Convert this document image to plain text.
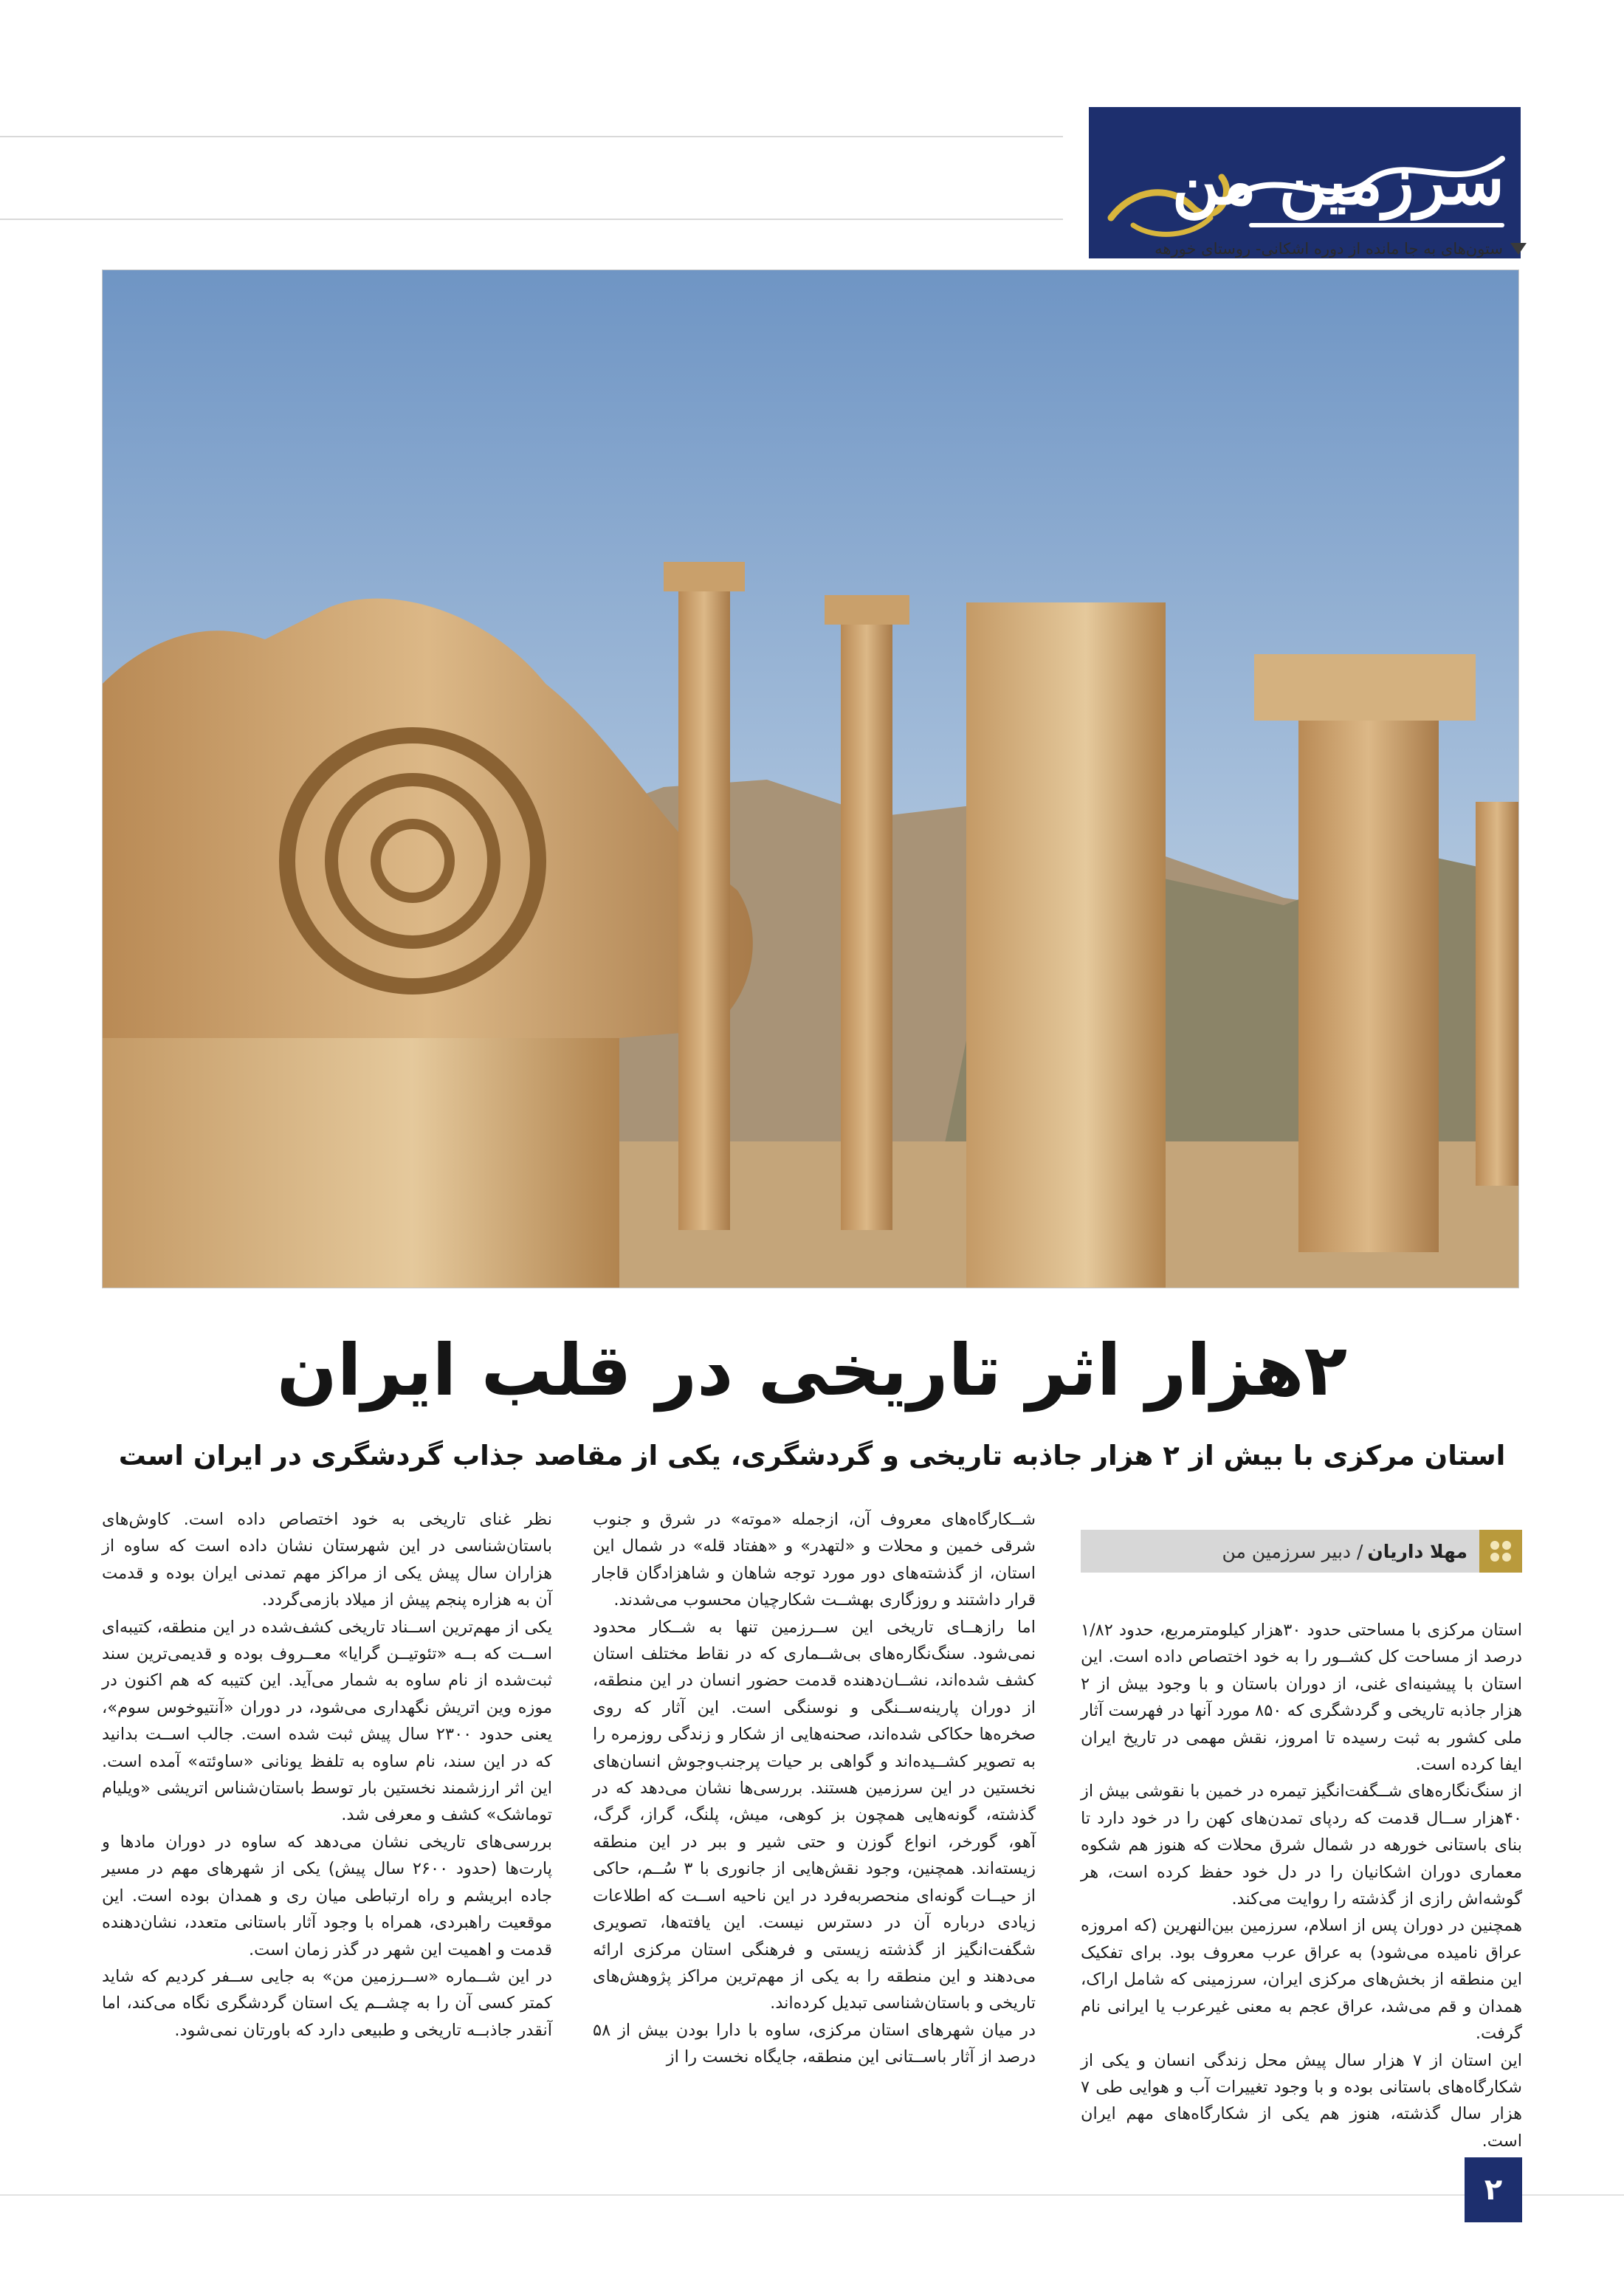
سرزمین من
ستون‌های به جا مانده از دوره اشکانی- روستای خورهه
۲هزار اثر تاریخی در قلب ایران
استان مرکزی با بیش از ۲ هزار جاذبه تاریخی و گردشگری، یکی از مقاصد جذاب گردشگری در ایران است
مهلا داریان
/ دبیر سرزمین من

استان مرکزی با مساحتی حدود ۳۰هزار کیلومترمربع، حدود ۱/۸۲ درصد از مساحت کل کشــور را به خود اختصاص داده است. این استان با پیشینه‌ای غنی، از دوران باستان و با وجود بیش از ۲ هزار جاذبه تاریخی و گردشگری که ۸۵۰ مورد آنها در فهرست آثار ملی کشور به ثبت رسیده تا امروز، نقش مهمی در تاریخ ایران ایفا کرده است.

از سنگ‌نگاره‌های شــگفت‌انگیز تیمره در خمین با نقوشی بیش از ۴۰هزار ســال قدمت که ردپای تمدن‌های کهن را در خود دارد تا بنای باستانی خورهه در شمال شرق محلات که هنوز هم شکوه معماری دوران اشکانیان را در دل خود حفظ کرده است، هر گوشه‌اش رازی از گذشته را روایت می‌کند.

همچنین در دوران پس از اسلام، سرزمین بین‌النهرین (که امروزه عراق نامیده می‌شود) به عراق عرب معروف بود. برای تفکیک این منطقه از بخش‌های مرکزی ایران، سرزمینی که شامل اراک، همدان و قم می‌شد، عراق عجم به معنی غیرعرب یا ایرانی نام گرفت.

این استان از ۷ هزار سال پیش محل زندگی انسان و یکی از شکارگاه‌های باستانی بوده و با وجود تغییرات آب و هوایی طی ۷ هزار سال گذشته، هنوز هم یکی از شکارگاه‌های مهم ایران است.

شــکارگاه‌های معروف آن، ازجمله «موته» در شرق و جنوب شرقی خمین و محلات و «لتهدر» و «هفتاد قله» در شمال این استان، از گذشته‌های دور مورد توجه شاهان و شاهزادگان قاجار قرار داشتند و روزگاری بهشــت شکارچیان محسوب می‌شدند.

اما رازهــای تاریخی این ســرزمین تنها به شــکار محدود نمی‌شود. سنگ‌نگاره‌های بی‌شــماری که در نقاط مختلف استان کشف شده‌اند، نشــان‌دهنده قدمت حضور انسان در این منطقه، از دوران پارینه‌ســنگی و نوسنگی است. این آثار که روی صخره‌ها حکاکی شده‌اند، صحنه‌هایی از شکار و زندگی روزمره را به تصویر کشــیده‌اند و گواهی بر حیات پرجنب‌وجوش انسان‌های نخستین در این سرزمین هستند. بررسی‌ها نشان می‌دهد که در گذشته، گونه‌هایی همچون بز کوهی، میش، پلنگ، گراز، گرگ، آهو، گورخر، انواع گوزن و حتی شیر و ببر در این منطقه زیسته‌اند. همچنین، وجود نقش‌هایی از جانوری با ۳ سُــم، حاکی از حیــات گونه‌ای منحصربه‌فرد در این ناحیه اســت که اطلاعات زیادی درباره آن در دسترس نیست. این یافته‌ها، تصویری شگفت‌انگیز از گذشته زیستی و فرهنگی استان مرکزی ارائه می‌دهند و این منطقه را به یکی از مهم‌ترین مراکز پژوهش‌های تاریخی و باستان‌شناسی تبدیل کرده‌اند.

در میان شهرهای استان مرکزی، ساوه با دارا بودن بیش از ۵۸ درصد از آثار باســتانی این منطقه، جایگاه نخست را از

نظر غنای تاریخی به خود اختصاص داده است. کاوش‌های باستان‌شناسی در این شهرستان نشان داده است که ساوه از هزاران سال پیش یکی از مراکز مهم تمدنی ایران بوده و قدمت آن به هزاره پنجم پیش از میلاد بازمی‌گردد.

یکی از مهم‌ترین اســناد تاریخی کشف‌شده در این منطقه، کتیبه‌ای اســت که بــه «تئوتیــن گرایا» معــروف بوده و قدیمی‌ترین سند ثبت‌شده از نام ساوه به شمار می‌آید. این کتیبه که هم اکنون در موزه وین اتریش نگهداری می‌شود، در دوران «آنتیوخوس سوم»، یعنی حدود ۲۳۰۰ سال پیش ثبت شده است. جالب اســت بدانید که در این سند، نام ساوه به تلفظ یونانی «ساوئته» آمده است. این اثر ارزشمند نخستین بار توسط باستان‌شناس اتریشی «ویلیام توماشک» کشف و معرفی شد.

بررسی‌های تاریخی نشان می‌دهد که ساوه در دوران مادها و پارت‌ها (حدود ۲۶۰۰ سال پیش) یکی از شهرهای مهم در مسیر جاده ابریشم و راه ارتباطی میان ری و همدان بوده است. این موقعیت راهبردی، همراه با وجود آثار باستانی متعدد، نشان‌دهنده قدمت و اهمیت این شهر در گذر زمان است.

در این شــماره «ســرزمین من» به جایی ســفر کردیم که شاید کمتر کسی آن را به چشــم یک استان گردشگری نگاه می‌کند، اما آنقدر جاذبــه تاریخی و طبیعی دارد که باورتان نمی‌شود.

۲
